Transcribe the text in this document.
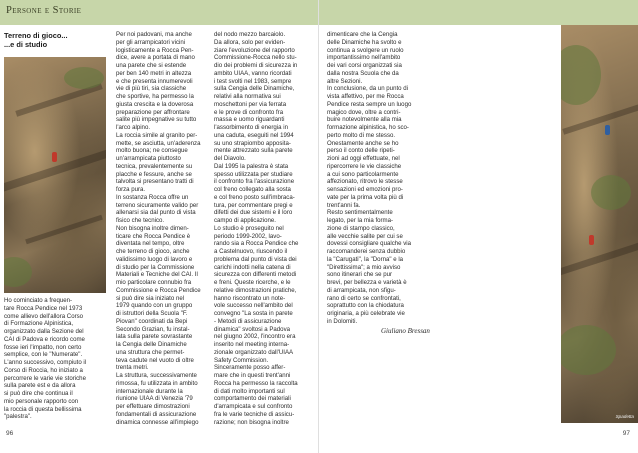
Persone e Storie
Terreno di gioco...
...e di studio

Ho cominciato a frequen-
tare Rocca Pendice nel 1973
come allievo dell'allora Corso
di Formazione Alpinistica,
organizzato dalla Sezione del
CAI di Padova e ricordo come
fosse ieri l'impatto, non certo
semplice, con le "Numerate".
L'anno successivo, compiuto il
Corso di Roccia, ho iniziato a
percorrere le varie vie storiche
sulla parete est e da allora
si può dire che continua il
mio personale rapporto con
la roccia di questa bellissima
"palestra".

Per noi padovani, ma anche
per gli arrampicatori vicini
logisticamente a Rocca Pen-
dice, avere a portata di mano
una parete che si estende
per ben 140 metri in altezza
e che presenta innumerevoli
vie di più tiri, sia classiche
che sportive, ha permesso la
giusta crescita e la doverosa
preparazione per affrontare
salite più impegnative su tutto
l'arco alpino.
La roccia simile al granito per-
mette, se asciutta, un'aderenza
molto buona; ne consegue
un'arrampicata piuttosto
tecnica, prevalentemente su
placche e fessure, anche se
talvolta si presentano tratti di
forza pura.
In sostanza Rocca offre un
terreno sicuramente valido per
allenarsi sia dal punto di vista
fisico che tecnico.
Non bisogna inoltre dimen-
ticare che Rocca Pendice è
diventata nel tempo, oltre
che terreno di gioco, anche
validissimo luogo di lavoro e
di studio per la Commissione
Materiali e Tecniche del CAI. Il
mio particolare connubio fra
Commissione e Rocca Pendice
si può dire sia iniziato nel
1979 quando con un gruppo
di istruttori della Scuola "F.
Piovan" coordinati da Bepi
Secondo Grazian, fu instal-
lata sulla parete sovrastante
la Cengia delle Dinamiche
una struttura che permet-
teva cadute nel vuoto di oltre
trenta metri.
La struttura, successivamente
rimossa, fu utilizzata in ambito
internazionale durante la
riunione UIAA di Venezia '79
per effettuare dimostrazioni
fondamentali di assicurazione
dinamica connesse all'impiego

del nodo mezzo barcaiolo.
Da allora, solo per eviden-
ziare l'evoluzione del rapporto
Commissione-Rocca nello stu-
dio dei problemi di sicurezza in
ambito UIAA, vanno ricordati
i test svolti nel 1983, sempre
sulla Cengia delle Dinamiche,
relativi alla normativa sui
moschettoni per via ferrata
e le prove di confronto fra
massa e uomo riguardanti
l'assorbimento di energia in
una caduta, eseguiti nel 1994
su uno strapiombo apposita-
mente attrezzato sulla parete
del Diavolo.
Dal 1995 la palestra è stata
spesso utilizzata per studiare
il confronto fra l'assicurazione
col freno collegato alla sosta
e col freno posto sull'imbraca-
tura, per commentare pregi e
difetti dei due sistemi e il loro
campo di applicazione.
Lo studio è proseguito nel
periodo 1999-2002, lavo-
rando sia a Rocca Pendice che
a Castelnuovo, riuscendo il
problema dal punto di vista dei
carichi indotti nella catena di
sicurezza con differenti metodi
e freni. Queste ricerche, e le
relative dimostrazioni pratiche,
hanno riscontrato un note-
vole successo nell'ambito del
convegno "La sosta in parete
- Metodi di assicurazione
dinamica" svoltosi a Padova
nel giugno 2002, l'incontro era
inserito nel meeting interna-
zionale organizzato dall'UIAA
Safety Commission.
Sinceramente posso affer-
mare che in questi trent'anni
Rocca ha permesso la raccolta
di dati molto importanti sul
comportamento dei materiali
d'arrampicata e sul confronto
fra le varie tecniche di assicu-
razione; non bisogna inoltre

96

dimenticare che la Cengia
delle Dinamiche ha svolto e
continua a svolgere un ruolo
importantissimo nell'ambito
dei vari corsi organizzati sia
dalla nostra Scuola che da
altre Sezioni.
In conclusione, da un punto di
vista affettivo, per me Rocca
Pendice resta sempre un luogo
magico dove, oltre a contri-
buire notevolmente alla mia
formazione alpinistica, ho sco-
perto molto di me stesso.
Onestamente anche se ho
perso il conto delle ripeti-
zioni ad oggi effettuate, nel
ripercorrere le vie classiche
a cui sono particolarmente
affezionato, ritrovo le stesse
sensazioni ed emozioni pro-
vate per la prima volta più di
trent'anni fa.
Resto sentimentalmente
legato, per la mia forma-
zione di stampo classico,
alle vecchie salite per cui se
dovessi consigliare qualche via
raccomanderei senza dubbio
la "Carugati", la "Dorna" e la
"Direttissima"; a mio avviso
sono itinerari che se pur
brevi, per bellezza e varietà è
di arrampicata, non sfigu-
rano di certo se confrontati,
soprattutto con la chiodatura
originaria, a più celebrate vie
in Dolomiti.

Giuliano Bressan
Spadetta
97
